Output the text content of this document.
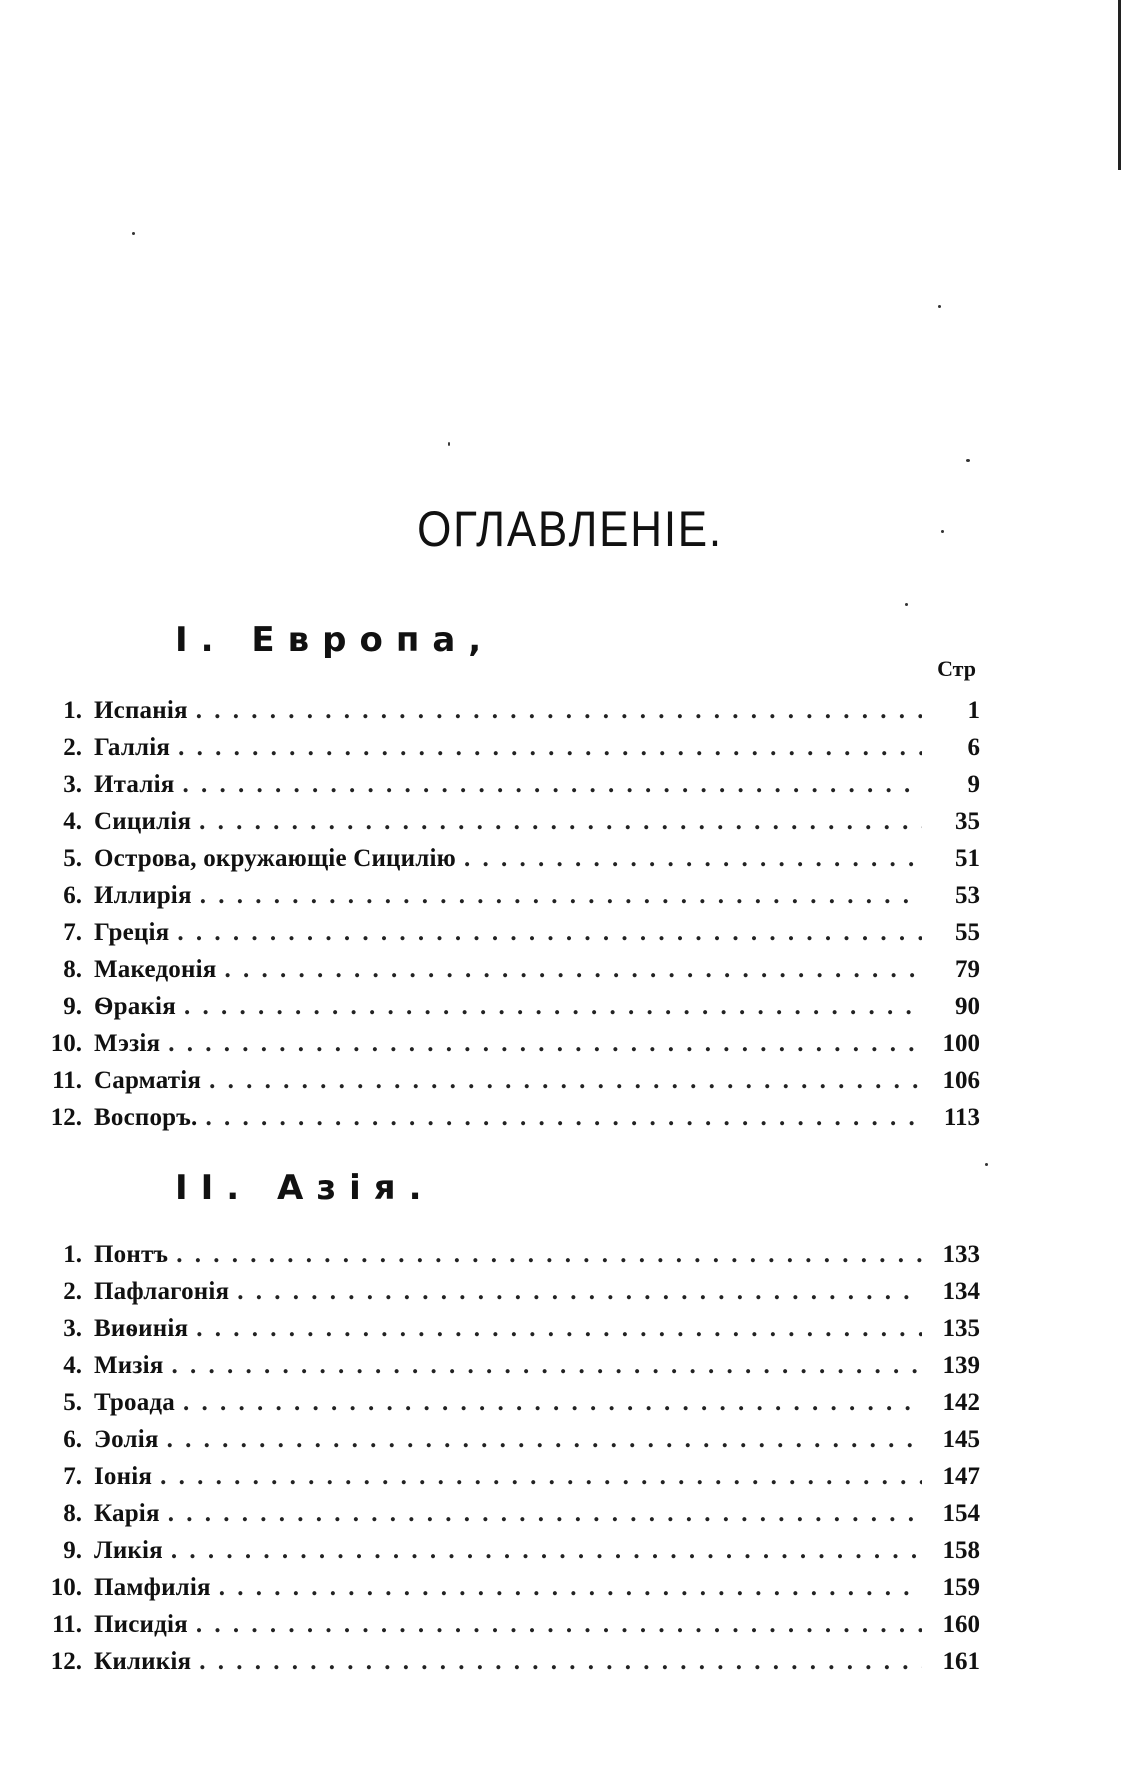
ОГЛАВЛЕНІЕ.
I. Европа,
Стр
1. Испанія . . .	1
2. Галлія . . .	6
3. Италія . . .	9
4. Сицилія . . .	35
5. Острова, окружающіе Сицилію . . .	51
6. Иллирія . . .	53
7. Греція . . .	55
8. Македонія . . .	79
9. Ѳракія . . .	90
10. Мэзія . . .	100
11. Сарматія . . .	106
12. Воспоръ. . . .	113
II. Азія.
1. Понтъ . . .	133
2. Пафлагонія . . .	134
3. Виѳинія . . .	135
4. Мизія . . .	139
5. Троада . . .	142
6. Эолія . . .	145
7. Іонія . . .	147
8. Карія . . .	154
9. Ликія . . .	158
10. Памфилія . . .	159
11. Писидія . . .	160
12. Киликія . . .	161
